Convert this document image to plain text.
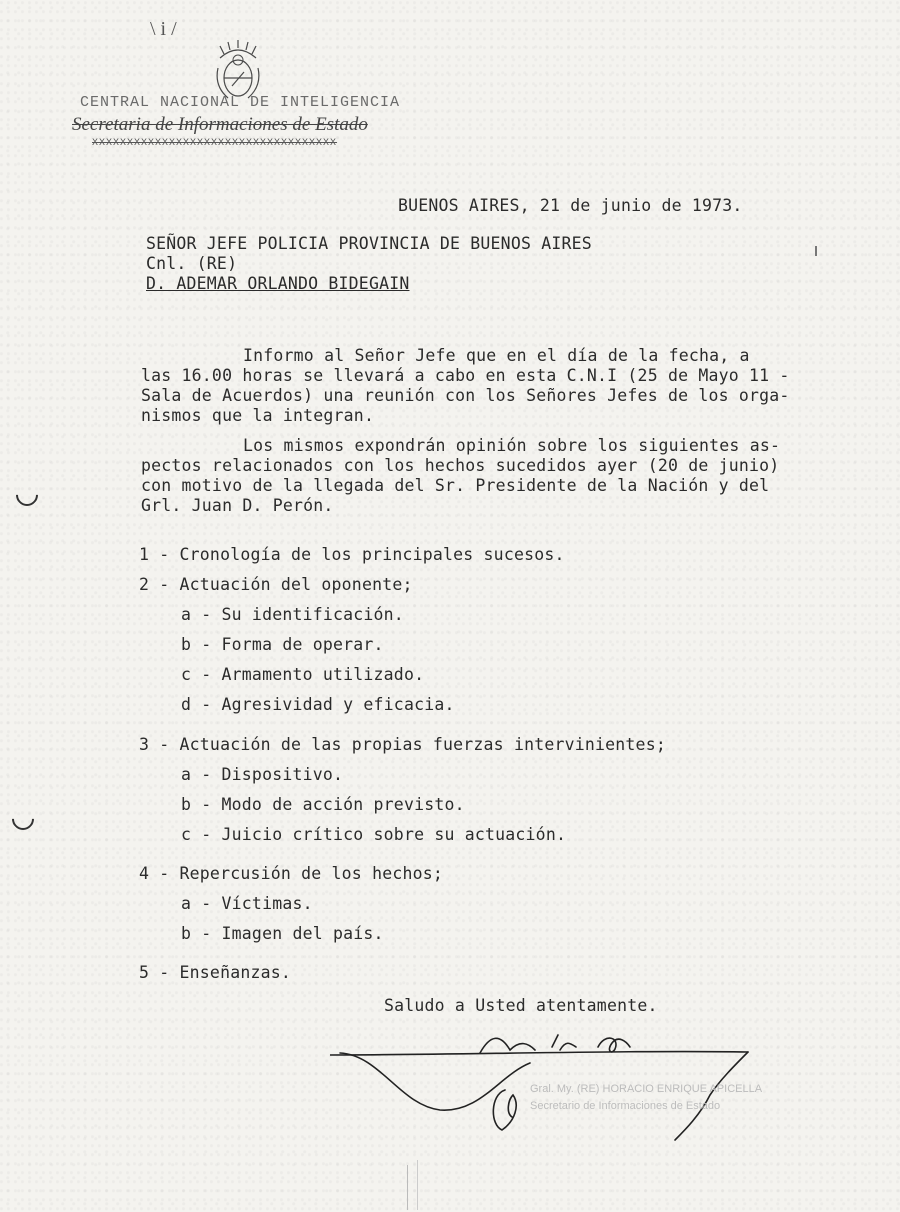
\ i /
CENTRAL NACIONAL DE INTELIGENCIA
Secretaria de Informaciones de Estado
XXXXXXXXXXXXXXXXXXXXXXXXXXXXXXXXXXX
BUENOS AIRES, 21 de junio de 1973.
SEÑOR JEFE POLICIA PROVINCIA DE BUENOS AIRES
Cnl. (RE)
D. ADEMAR ORLANDO BIDEGAIN
Informo al Señor Jefe que en el día de la fecha, a
las 16.00 horas se llevará a cabo en esta C.N.I (25 de Mayo 11 -
Sala de Acuerdos) una reunión con los Señores Jefes de los orga-
nismos que la integran.
Los mismos expondrán opinión sobre los siguientes as-
pectos relacionados con los hechos sucedidos ayer (20 de junio)
con motivo de la llegada del Sr. Presidente de la Nación y del
Grl. Juan D. Perón.
1 - Cronología de los principales sucesos.
2 - Actuación del oponente;
a - Su identificación.
b - Forma de operar.
c - Armamento utilizado.
d - Agresividad y eficacia.
3 - Actuación de las propias fuerzas intervinientes;
a - Dispositivo.
b - Modo de acción previsto.
c - Juicio crítico sobre su actuación.
4 - Repercusión de los hechos;
a - Víctimas.
b - Imagen del país.
5 - Enseñanzas.
Saludo a Usted atentamente.
Gral. My. (RE) HORACIO ENRIQUE APICELLA
Secretario de Informaciones de Estado
